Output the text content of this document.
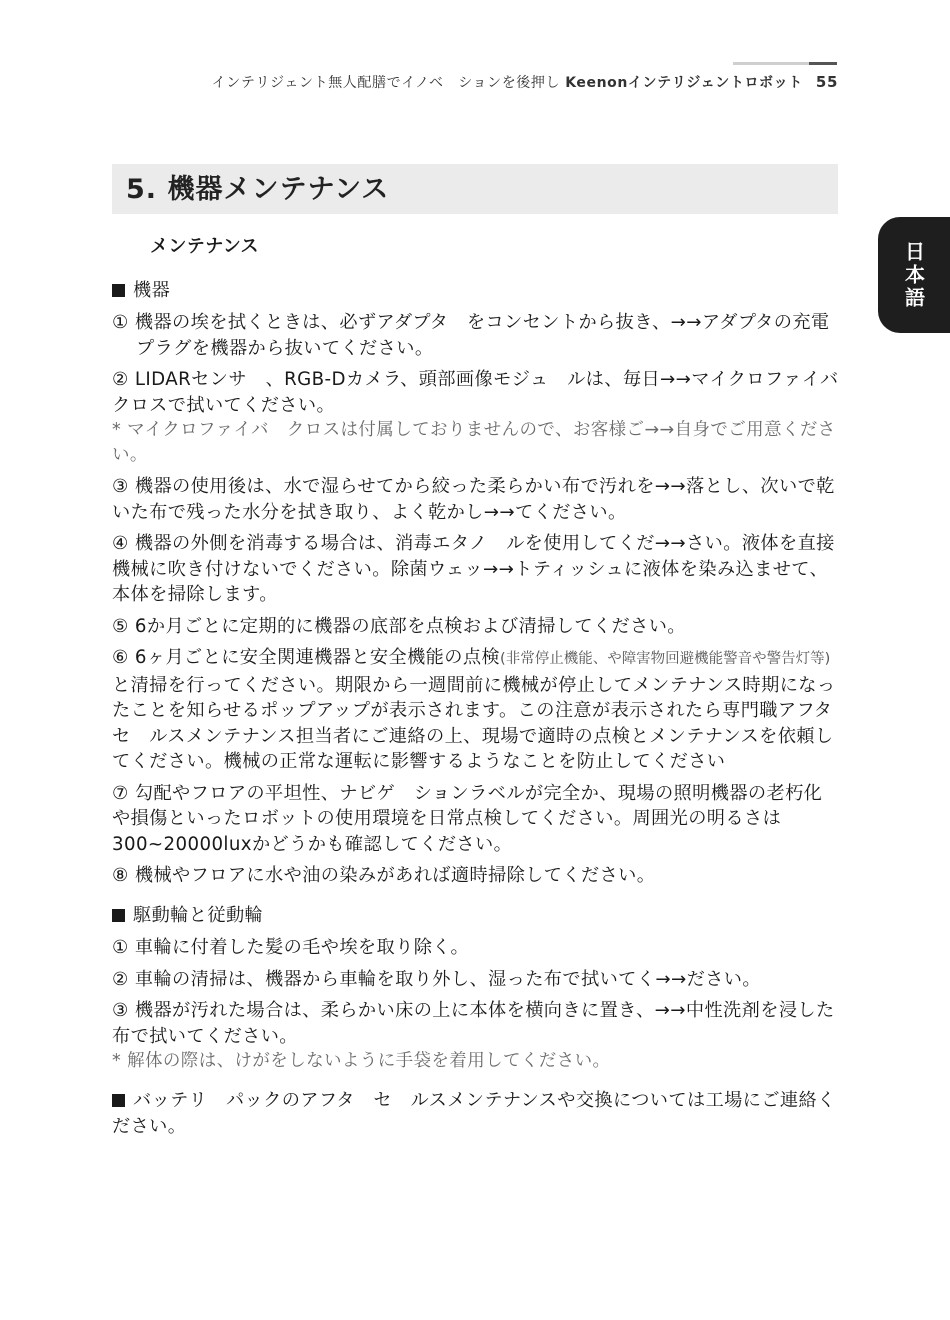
インテリジェント無人配膳でイノベ　ションを後押し Keenonインテリジェントロボット 55
日本語
5. 機器メンテナンス
メンテナンス
機器
① 機器の埃を拭くときは、必ずアダプタ　をコンセントから抜き、→→アダプタの充電プラグを機器から抜いてください。
② LIDARセンサ　、RGB-Dカメラ、頭部画像モジュ　ルは、毎日→→マイクロファイバ　クロスで拭いてください。
* マイクロファイバ　クロスは付属しておりませんので、お客様ご→→自身でご用意ください。
③ 機器の使用後は、水で湿らせてから絞った柔らかい布で汚れを→→落とし、次いで乾いた布で残った水分を拭き取り、よく乾かし→→てください。
④ 機器の外側を消毒する場合は、消毒エタノ　ルを使用してくだ→→さい。液体を直接機械に吹き付けないでください。除菌ウェッ→→トティッシュに液体を染み込ませて、本体を掃除します。
⑤ 6か月ごとに定期的に機器の底部を点検および清掃してください。
⑥ 6ヶ月ごとに安全関連機器と安全機能の点検(非常停止機能、や障害物回避機能警音や警告灯等)と清掃を行ってください。期限から一週間前に機械が停止してメンテナンス時期になったことを知らせるポップアップが表示されます。この注意が表示されたら専門職アフタ　セ　ルスメンテナンス担当者にご連絡の上、現場で適時の点検とメンテナンスを依頼してください。機械の正常な運転に影響するようなことを防止してください
⑦ 勾配やフロアの平坦性、ナビゲ　ションラベルが完全か、現場の照明機器の老朽化や損傷といったロボットの使用環境を日常点検してください。周囲光の明るさは300~20000luxかどうかも確認してください。
⑧ 機械やフロアに水や油の染みがあれば適時掃除してください。
駆動輪と従動輪
① 車輪に付着した髪の毛や埃を取り除く。
② 車輪の清掃は、機器から車輪を取り外し、湿った布で拭いてく→→ださい。
③ 機器が汚れた場合は、柔らかい床の上に本体を横向きに置き、→→中性洗剤を浸した布で拭いてください。
* 解体の際は、けがをしないように手袋を着用してください。
バッテリ　パックのアフタ　セ　ルスメンテナンスや交換については工場にご連絡ください。
